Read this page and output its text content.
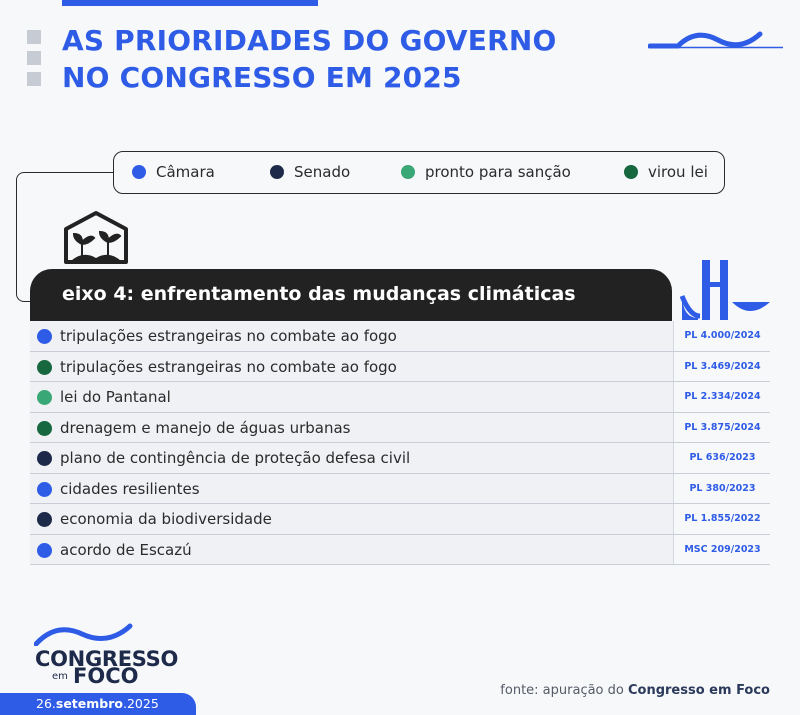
AS PRIORIDADES DO GOVERNO
NO CONGRESSO EM 2025
Câmara	Senado	pronto para sanção	virou lei
eixo 4: enfrentamento das mudanças climáticas
tripulações estrangeiras no combate ao fogo	PL 4.000/2024
tripulações estrangeiras no combate ao fogo	PL 3.469/2024
lei do Pantanal	PL 2.334/2024
drenagem e manejo de águas urbanas	PL 3.875/2024
plano de contingência de proteção defesa civil	PL 636/2023
cidades resilientes	PL 380/2023
economia da biodiversidade	PL 1.855/2022
acordo de Escazú	MSC 209/2023
CONGRESSO
em FOCO
26.setembro.2025
fonte: apuração do Congresso em Foco
